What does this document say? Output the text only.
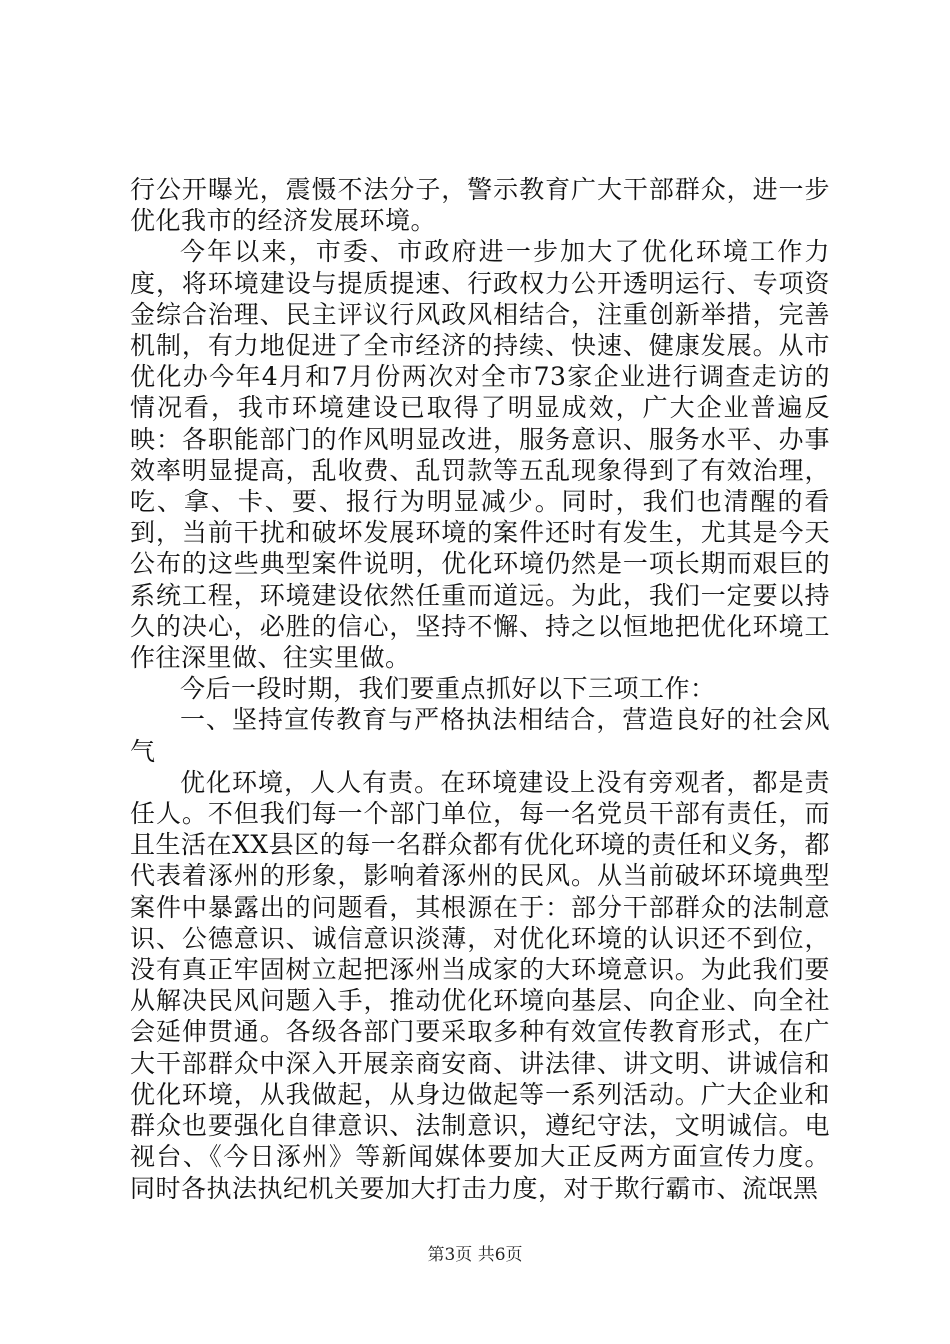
行公开曝光，震慑不法分子，警示教育广大干部群众，进一步优化我市的经济发展环境。

今年以来，市委、市政府进一步加大了优化环境工作力度，将环境建设与提质提速、行政权力公开透明运行、专项资金综合治理、民主评议行风政风相结合，注重创新举措，完善机制，有力地促进了全市经济的持续、快速、健康发展。从市优化办今年4月和7月份两次对全市73家企业进行调查走访的情况看，我市环境建设已取得了明显成效，广大企业普遍反映：各职能部门的作风明显改进，服务意识、服务水平、办事效率明显提高，乱收费、乱罚款等五乱现象得到了有效治理，吃、拿、卡、要、报行为明显减少。同时，我们也清醒的看到，当前干扰和破坏发展环境的案件还时有发生，尤其是今天公布的这些典型案件说明，优化环境仍然是一项长期而艰巨的系统工程，环境建设依然任重而道远。为此，我们一定要以持久的决心，必胜的信心，坚持不懈、持之以恒地把优化环境工作往深里做、往实里做。

今后一段时期，我们要重点抓好以下三项工作：

一、坚持宣传教育与严格执法相结合，营造良好的社会风气

优化环境，人人有责。在环境建设上没有旁观者，都是责任人。不但我们每一个部门单位，每一名党员干部有责任，而且生活在XX县区的每一名群众都有优化环境的责任和义务，都代表着涿州的形象，影响着涿州的民风。从当前破坏环境典型案件中暴露出的问题看，其根源在于：部分干部群众的法制意识、公德意识、诚信意识淡薄，对优化环境的认识还不到位，没有真正牢固树立起把涿州当成家的大环境意识。为此我们要从解决民风问题入手，推动优化环境向基层、向企业、向全社会延伸贯通。各级各部门要采取多种有效宣传教育形式，在广大干部群众中深入开展亲商安商、讲法律、讲文明、讲诚信和优化环境，从我做起，从身边做起等一系列活动。广大企业和群众也要强化自律意识、法制意识，遵纪守法，文明诚信。电视台、《今日涿州》等新闻媒体要加大正反两方面宣传力度。同时各执法执纪机关要加大打击力度，对于欺行霸市、流氓黑

第3页 共6页
